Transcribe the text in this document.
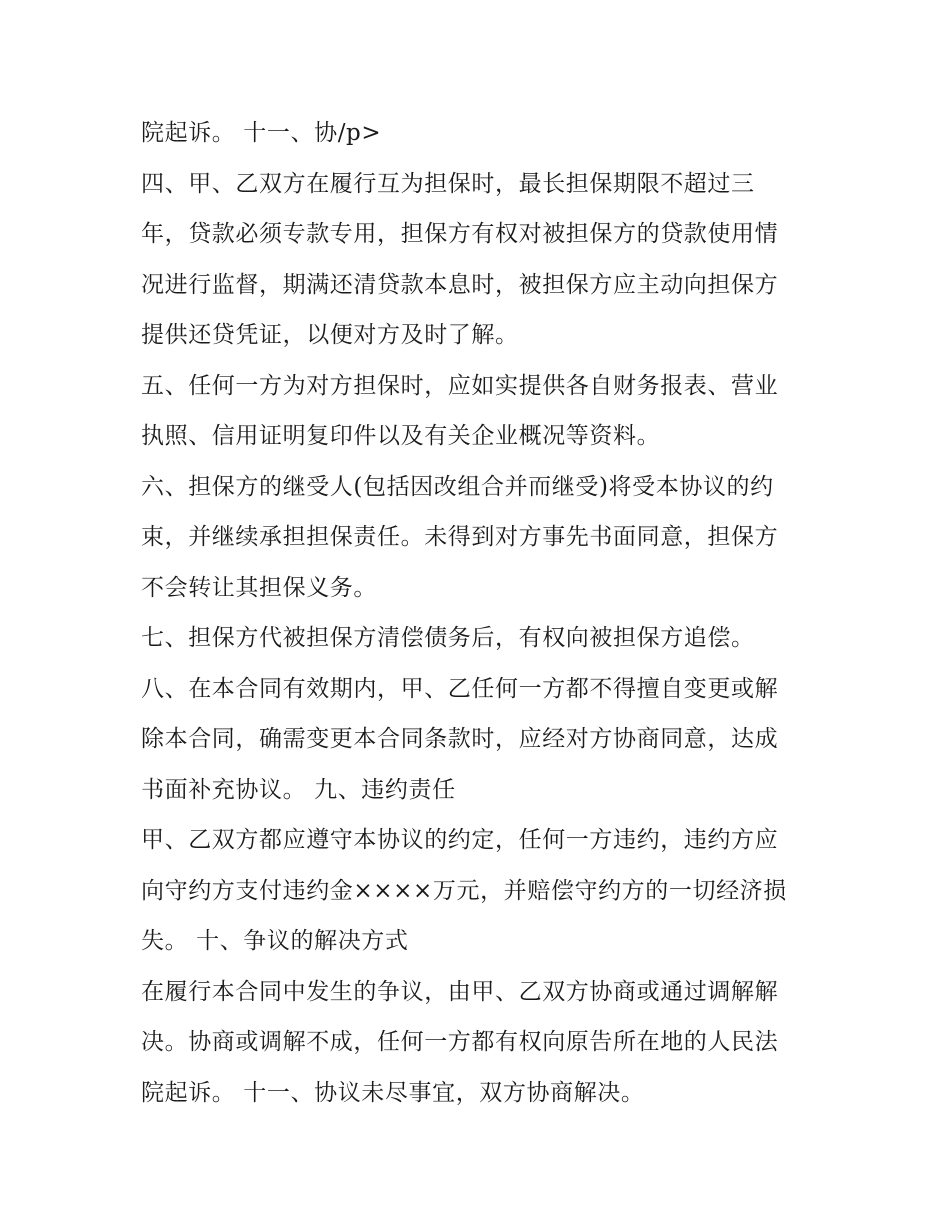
院起诉。 十一、协/p>
四、甲、乙双方在履行互为担保时，最长担保期限不超过三
年，贷款必须专款专用，担保方有权对被担保方的贷款使用情
况进行监督，期满还清贷款本息时，被担保方应主动向担保方
提供还贷凭证，以便对方及时了解。
五、任何一方为对方担保时，应如实提供各自财务报表、营业
执照、信用证明复印件以及有关企业概况等资料。
六、担保方的继受人(包括因改组合并而继受)将受本协议的约
束，并继续承担担保责任。未得到对方事先书面同意，担保方
不会转让其担保义务。
七、担保方代被担保方清偿债务后，有权向被担保方追偿。
八、在本合同有效期内，甲、乙任何一方都不得擅自变更或解
除本合同，确需变更本合同条款时，应经对方协商同意，达成
书面补充协议。 九、违约责任
甲、乙双方都应遵守本协议的约定，任何一方违约，违约方应
向守约方支付违约金××××万元，并赔偿守约方的一切经济损
失。 十、争议的解决方式
在履行本合同中发生的争议，由甲、乙双方协商或通过调解解
决。协商或调解不成，任何一方都有权向原告所在地的人民法
院起诉。 十一、协议未尽事宜，双方协商解决。
